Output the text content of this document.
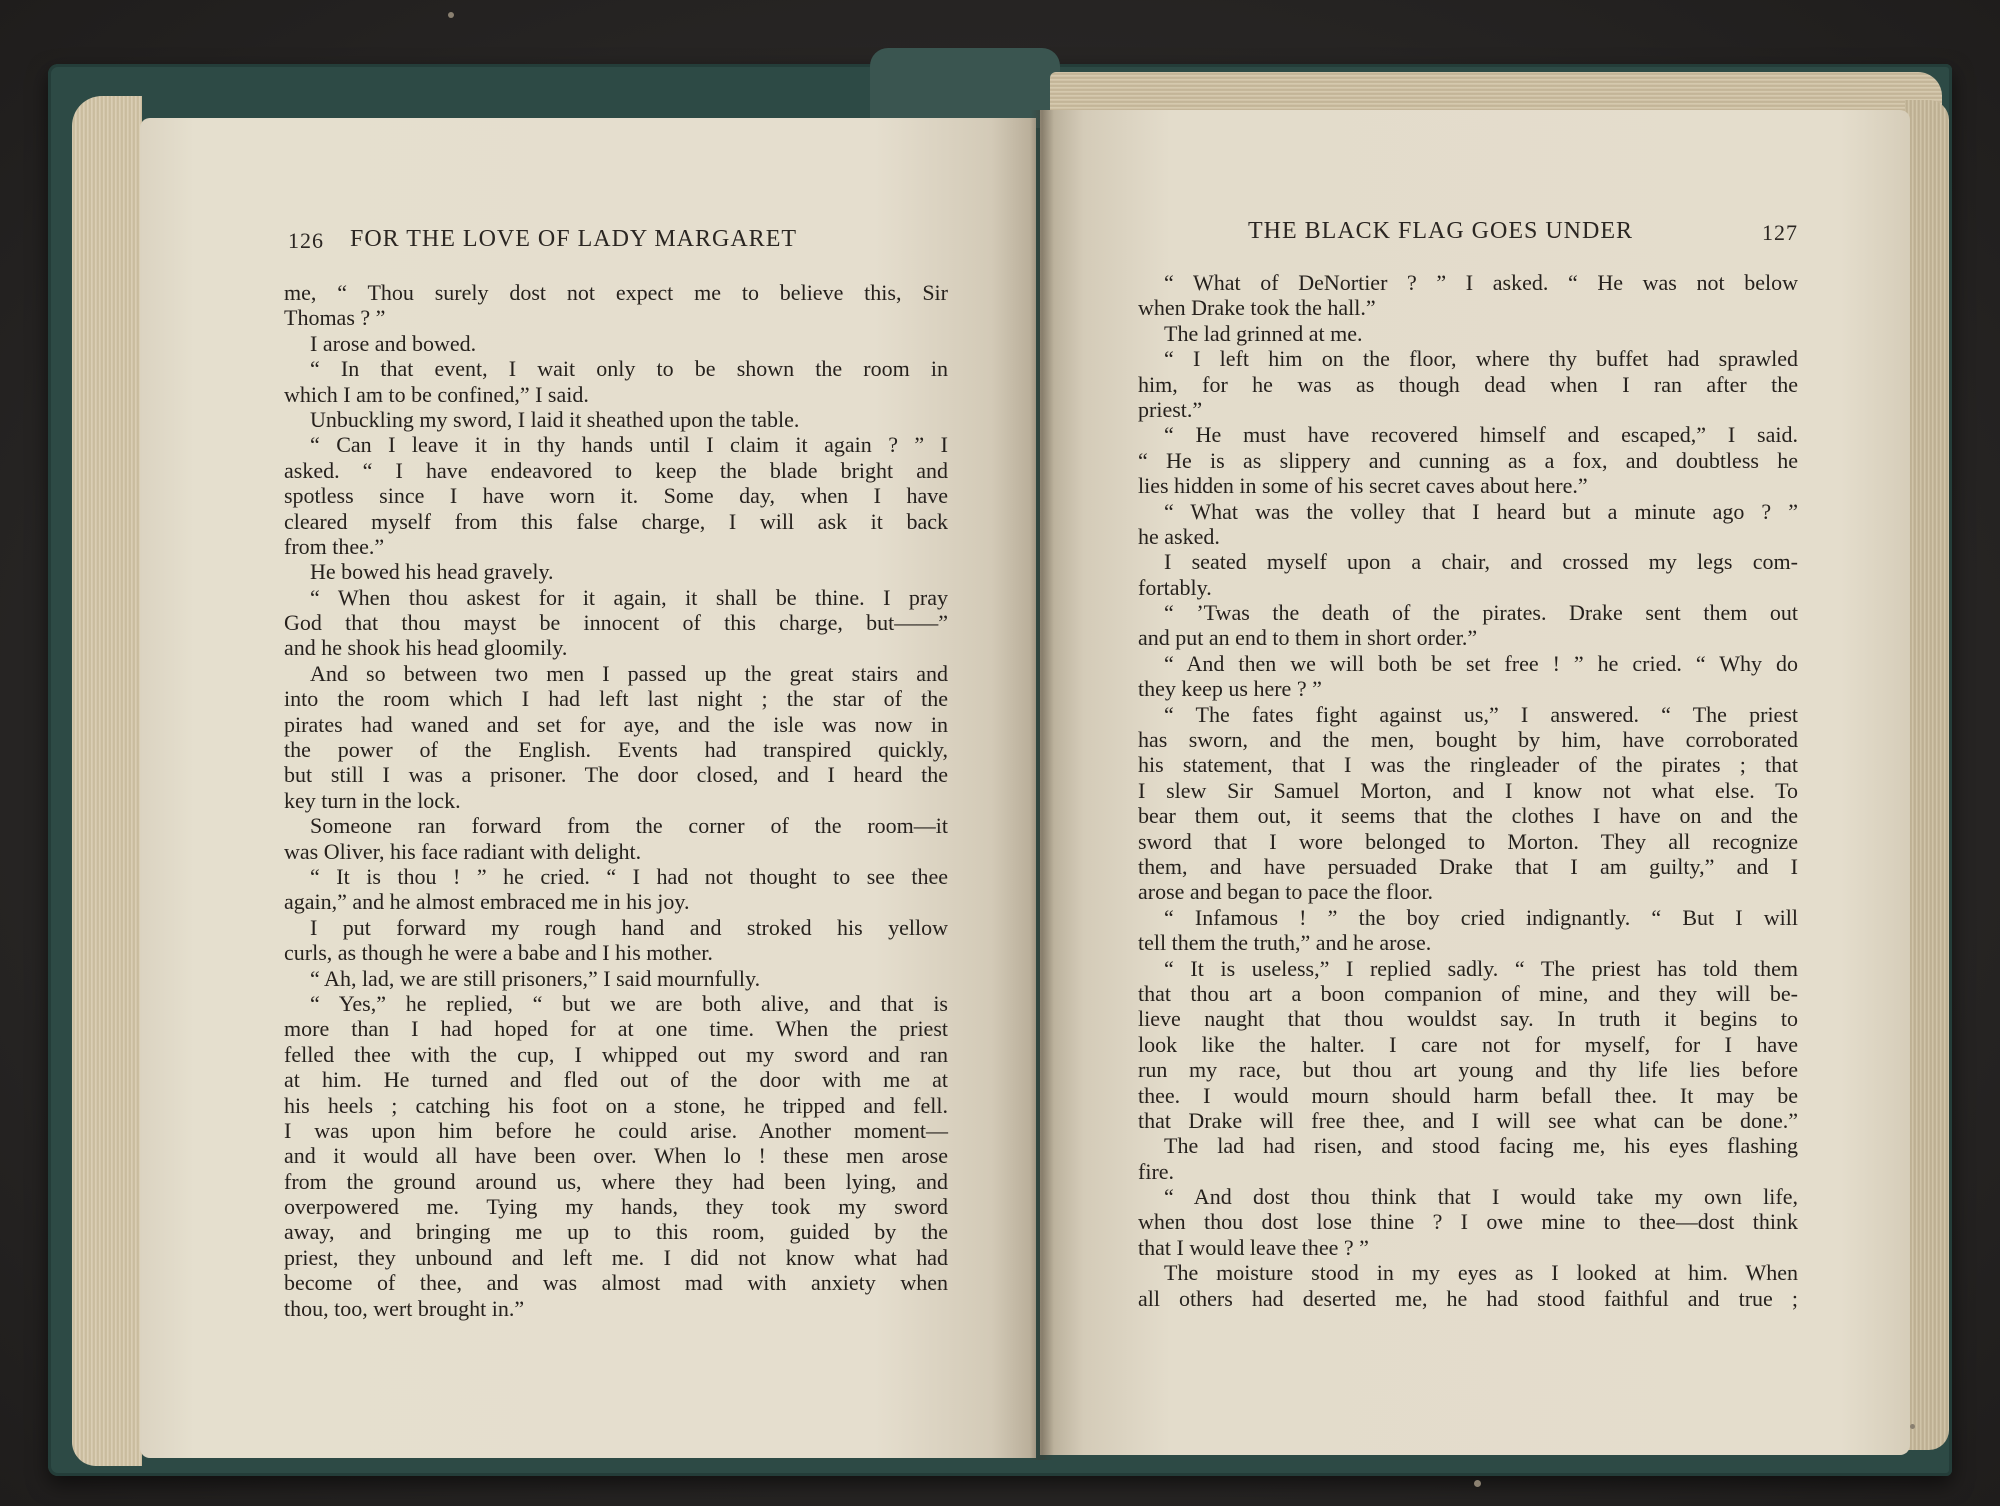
126 FOR THE LOVE OF LADY MARGARET	THE BLACK FLAG GOES UNDER	127
me, “ Thou surely dost not expect me to believe this, Sir
Thomas ? ”
I arose and bowed.
“ In that event, I wait only to be shown the room in
which I am to be confined,” I said.
Unbuckling my sword, I laid it sheathed upon the table.
“ Can I leave it in thy hands until I claim it again ? ” I
asked. “ I have endeavored to keep the blade bright and
spotless since I have worn it. Some day, when I have
cleared myself from this false charge, I will ask it back
from thee.”
He bowed his head gravely.
“ When thou askest for it again, it shall be thine. I pray
God that thou mayst be innocent of this charge, but——”
and he shook his head gloomily.
And so between two men I passed up the great stairs and
into the room which I had left last night ; the star of the
pirates had waned and set for aye, and the isle was now in
the power of the English. Events had transpired quickly,
but still I was a prisoner. The door closed, and I heard the
key turn in the lock.
Someone ran forward from the corner of the room—it
was Oliver, his face radiant with delight.
“ It is thou ! ” he cried. “ I had not thought to see thee
again,” and he almost embraced me in his joy.
I put forward my rough hand and stroked his yellow
curls, as though he were a babe and I his mother.
“ Ah, lad, we are still prisoners,” I said mournfully.
“ Yes,” he replied, “ but we are both alive, and that is
more than I had hoped for at one time. When the priest
felled thee with the cup, I whipped out my sword and ran
at him. He turned and fled out of the door with me at
his heels ; catching his foot on a stone, he tripped and fell.
I was upon him before he could arise. Another moment—
and it would all have been over. When lo ! these men arose
from the ground around us, where they had been lying, and
overpowered me. Tying my hands, they took my sword
away, and bringing me up to this room, guided by the
priest, they unbound and left me. I did not know what had
become of thee, and was almost mad with anxiety when
thou, too, wert brought in.”
“ What of DeNortier ? ” I asked. “ He was not below
when Drake took the hall.”
The lad grinned at me.
“ I left him on the floor, where thy buffet had sprawled
him, for he was as though dead when I ran after the
priest.”
“ He must have recovered himself and escaped,” I said.
“ He is as slippery and cunning as a fox, and doubtless he
lies hidden in some of his secret caves about here.”
“ What was the volley that I heard but a minute ago ? ”
he asked.
I seated myself upon a chair, and crossed my legs com-
fortably.
“ ’Twas the death of the pirates. Drake sent them out
and put an end to them in short order.”
“ And then we will both be set free ! ” he cried. “ Why do
they keep us here ? ”
“ The fates fight against us,” I answered. “ The priest
has sworn, and the men, bought by him, have corroborated
his statement, that I was the ringleader of the pirates ; that
I slew Sir Samuel Morton, and I know not what else. To
bear them out, it seems that the clothes I have on and the
sword that I wore belonged to Morton. They all recognize
them, and have persuaded Drake that I am guilty,” and I
arose and began to pace the floor.
“ Infamous ! ” the boy cried indignantly. “ But I will
tell them the truth,” and he arose.
“ It is useless,” I replied sadly. “ The priest has told them
that thou art a boon companion of mine, and they will be-
lieve naught that thou wouldst say. In truth it begins to
look like the halter. I care not for myself, for I have
run my race, but thou art young and thy life lies before
thee. I would mourn should harm befall thee. It may be
that Drake will free thee, and I will see what can be done.”
The lad had risen, and stood facing me, his eyes flashing
fire.
“ And dost thou think that I would take my own life,
when thou dost lose thine ? I owe mine to thee—dost think
that I would leave thee ? ”
The moisture stood in my eyes as I looked at him. When
all others had deserted me, he had stood faithful and true ;
